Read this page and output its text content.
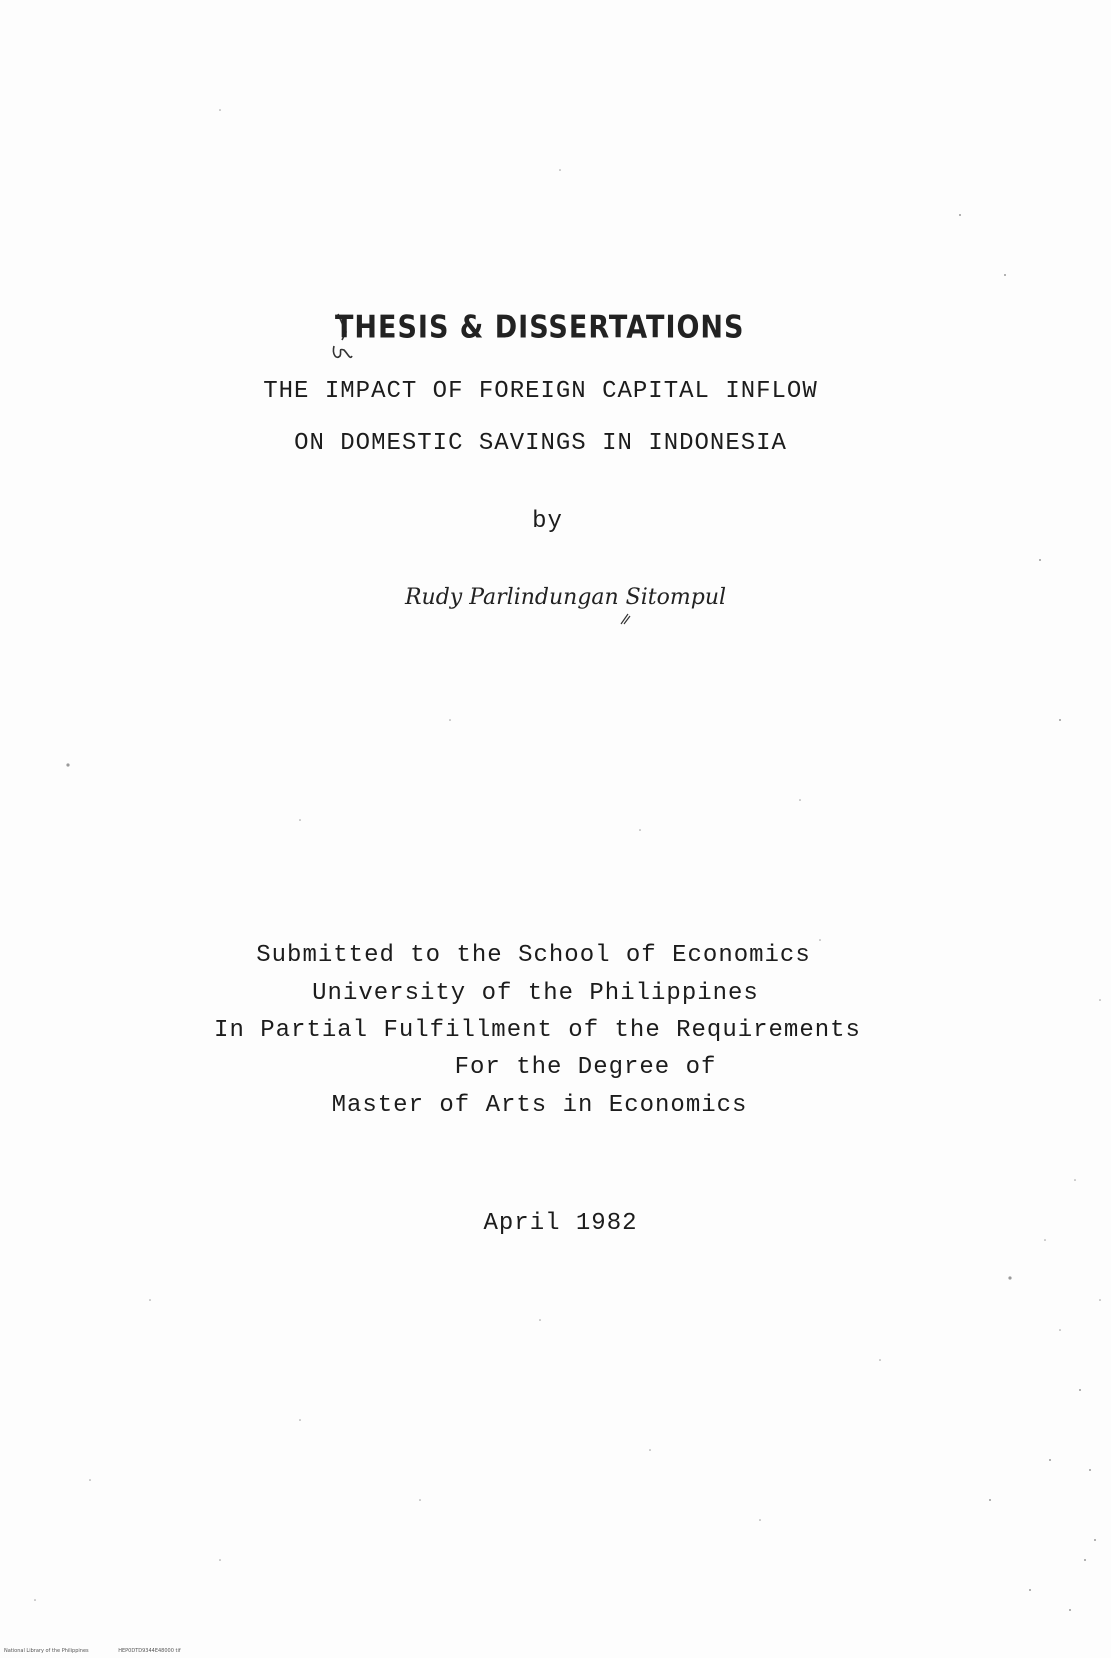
THESIS & DISSERTATIONS
THE IMPACT OF FOREIGN CAPITAL INFLOW
ON DOMESTIC SAVINGS IN INDONESIA
by
Rudy Parlindungan Sitompul
Submitted to the School of Economics
University of the Philippines
In Partial Fulfillment of the Requirements
For the Degree of
Master of Arts in Economics
April 1982
National Library of the Philippines	HEP0DTD9344E48000 tif
